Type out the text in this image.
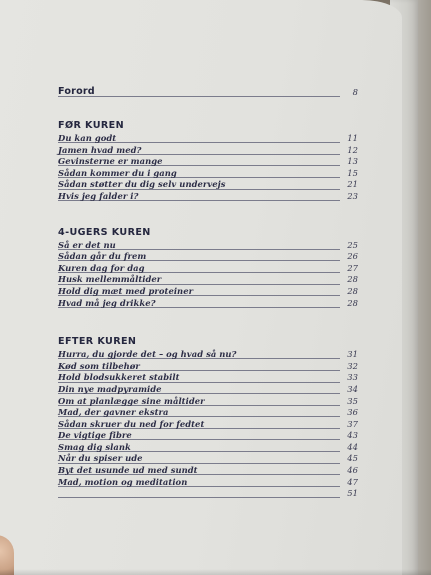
Forord	8
FØR KUREN
Du kan godt	11
Jamen hvad med?	12
Gevinsterne er mange	13
Sådan kommer du i gang	15
Sådan støtter du dig selv undervejs	21
Hvis jeg falder i?	23
4-UGERS KUREN
Så er det nu	25
Sådan går du frem	26
Kuren dag for dag	27
Husk mellemmåltider	28
Hold dig mæt med proteiner	28
Hvad må jeg drikke?	28
EFTER KUREN
Hurra, du gjorde det – og hvad så nu?	31
Kød som tilbehør	32
Hold blodsukkeret stabilt	33
Din nye madpyramide	34
Om at planlægge sine måltider	35
Mad, der gavner ekstra	36
Sådan skruer du ned for fedtet	37
De vigtige fibre	43
Smag dig slank	44
Når du spiser ude	45
Byt det usunde ud med sundt	46
Mad, motion og meditation	47
51
